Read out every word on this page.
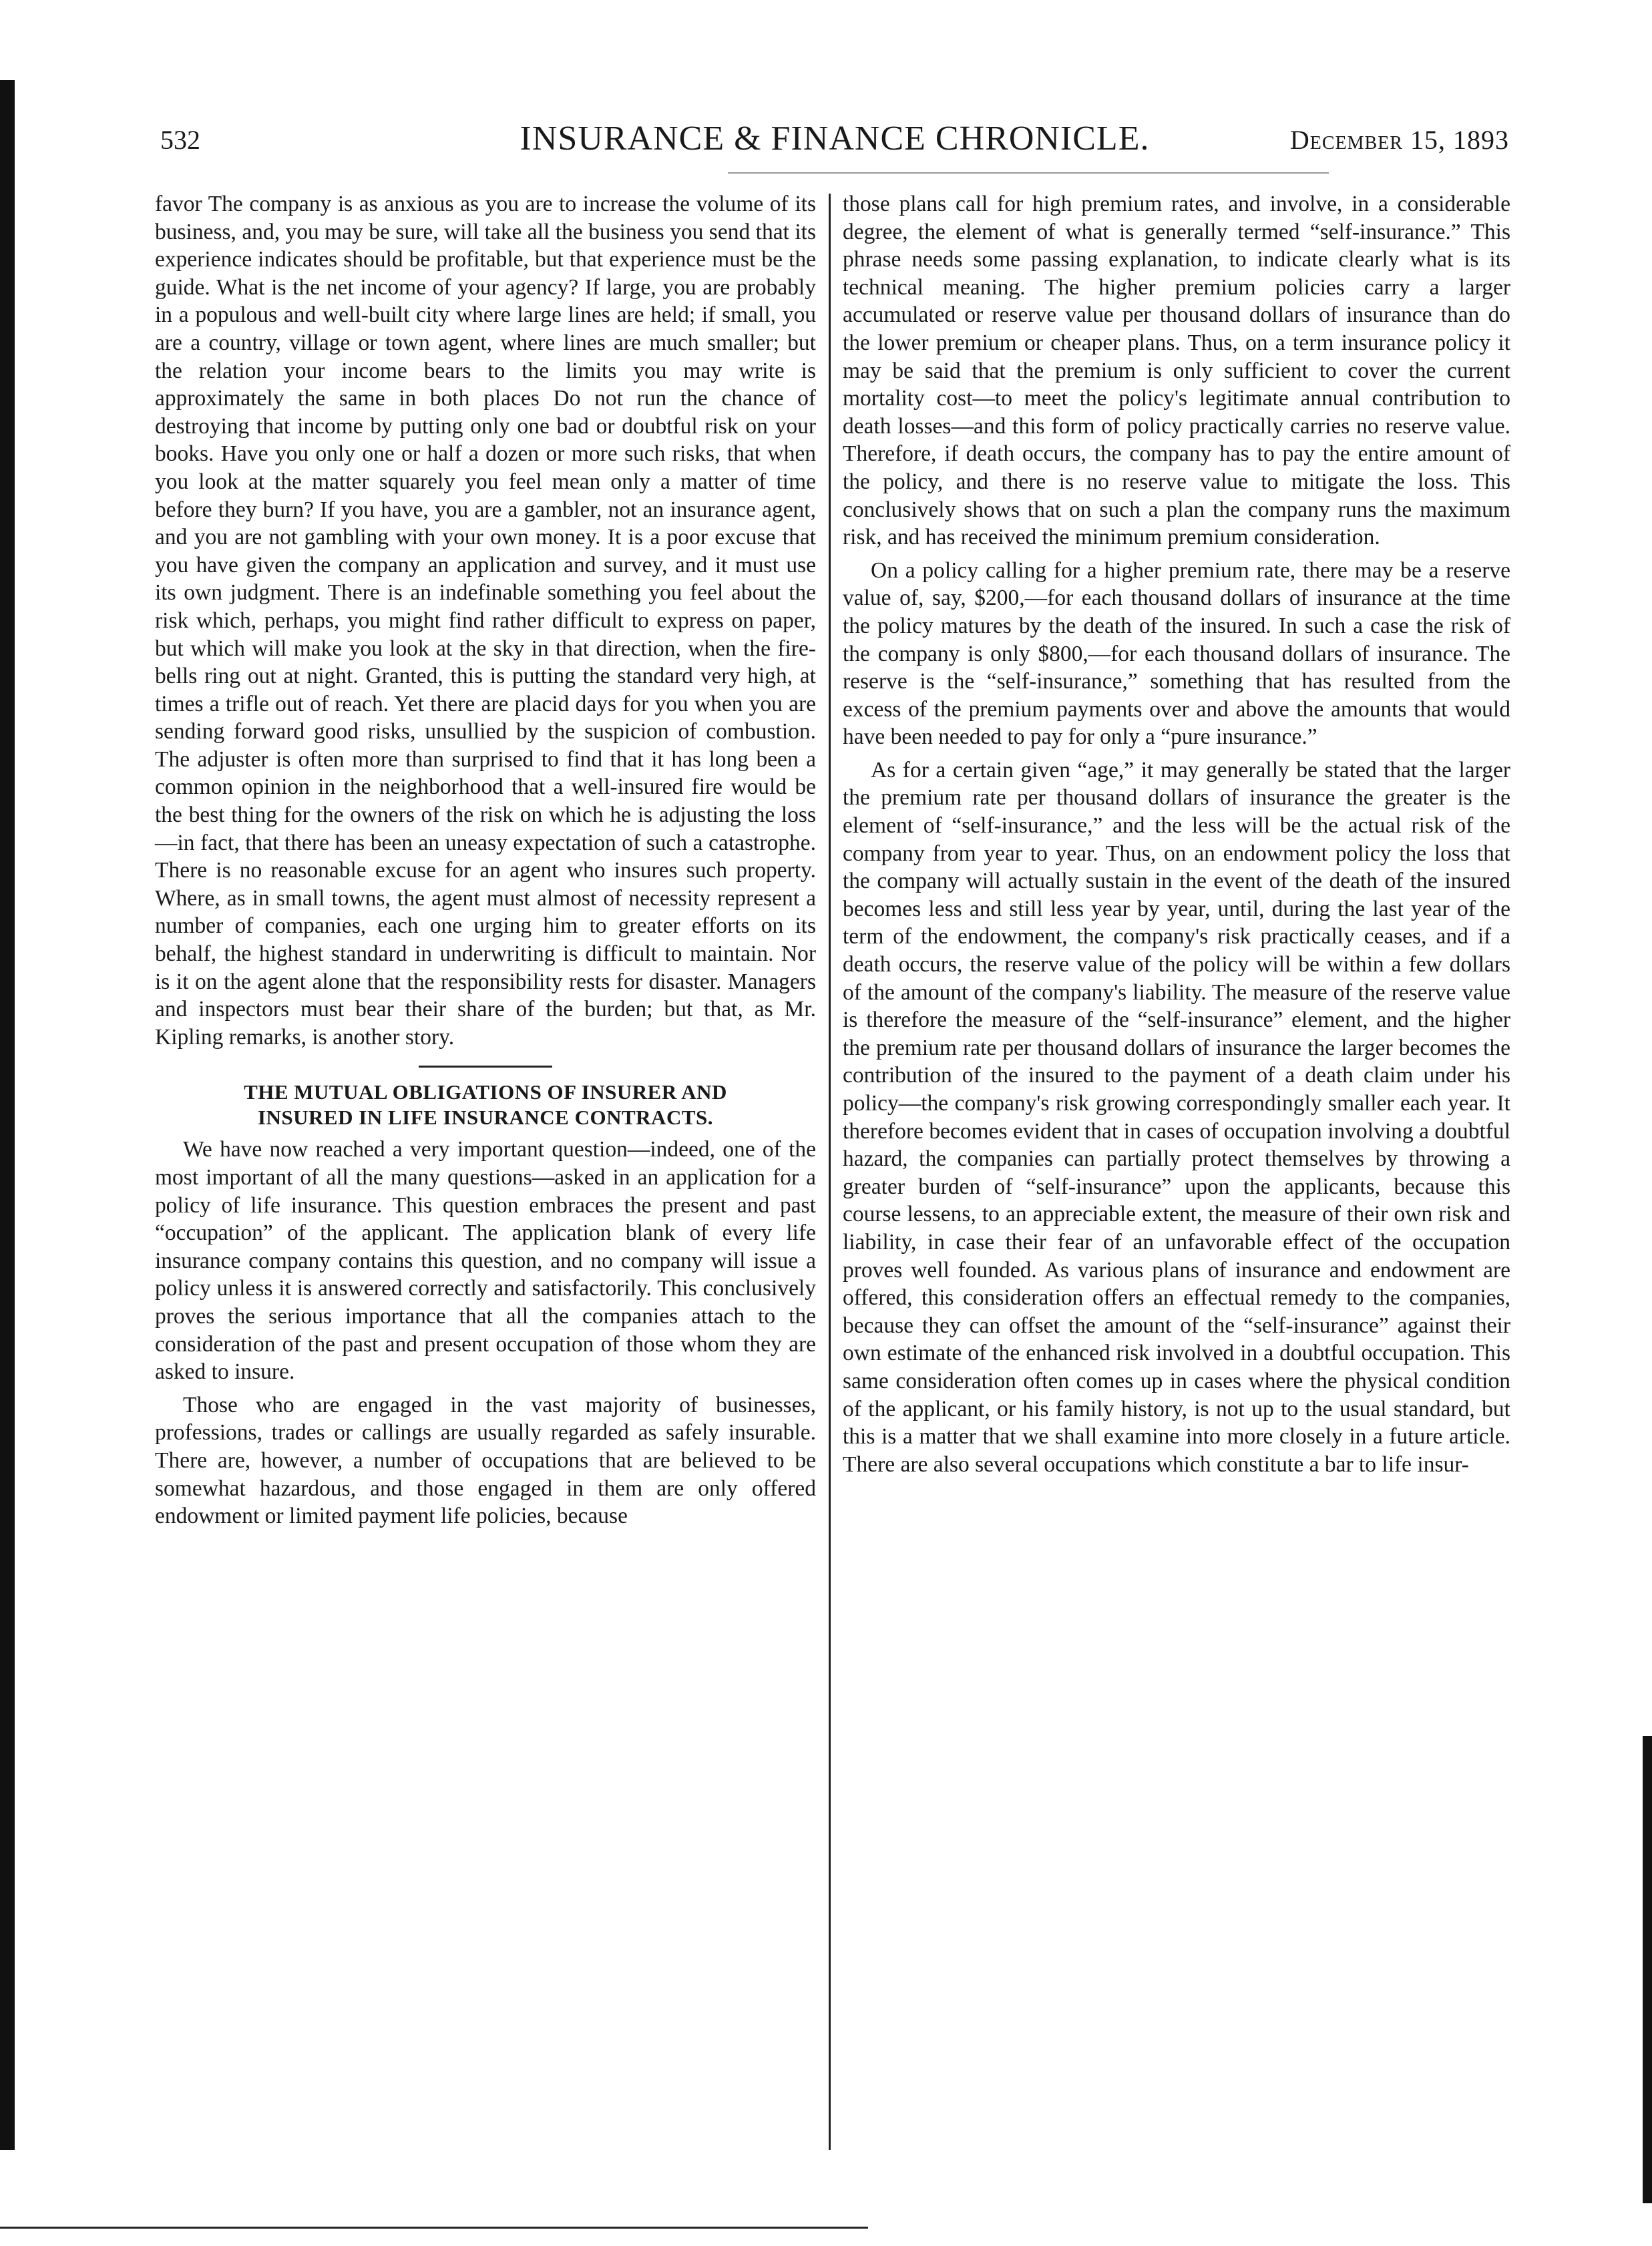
532	INSURANCE & FINANCE CHRONICLE.	December 15, 1893

favor The company is as anxious as you are to increase the volume of its business, and, you may be sure, will take all the business you send that its experience indicates should be profitable, but that experience must be the guide. What is the net income of your agency? If large, you are probably in a populous and well-built city where large lines are held; if small, you are a country, village or town agent, where lines are much smaller; but the relation your income bears to the limits you may write is approximately the same in both places Do not run the chance of destroying that income by putting only one bad or doubtful risk on your books. Have you only one or half a dozen or more such risks, that when you look at the matter squarely you feel mean only a matter of time before they burn? If you have, you are a gambler, not an insurance agent, and you are not gambling with your own money. It is a poor excuse that you have given the company an application and survey, and it must use its own judgment. There is an indefinable something you feel about the risk which, perhaps, you might find rather difficult to express on paper, but which will make you look at the sky in that direction, when the fire-bells ring out at night. Granted, this is putting the standard very high, at times a trifle out of reach. Yet there are placid days for you when you are sending forward good risks, unsullied by the suspicion of combustion. The adjuster is often more than surprised to find that it has long been a common opinion in the neighborhood that a well-insured fire would be the best thing for the owners of the risk on which he is adjusting the loss—in fact, that there has been an uneasy expectation of such a catastrophe. There is no reasonable excuse for an agent who insures such property. Where, as in small towns, the agent must almost of necessity represent a number of companies, each one urging him to greater efforts on its behalf, the highest standard in underwriting is difficult to maintain. Nor is it on the agent alone that the responsibility rests for disaster. Managers and inspectors must bear their share of the burden; but that, as Mr. Kipling remarks, is another story.

THE MUTUAL OBLIGATIONS OF INSURER AND
INSURED IN LIFE INSURANCE CONTRACTS.

We have now reached a very important question—indeed, one of the most important of all the many questions—asked in an application for a policy of life insurance. This question embraces the present and past “occupation” of the applicant. The application blank of every life insurance company contains this question, and no company will issue a policy unless it is answered correctly and satisfactorily. This conclusively proves the serious importance that all the companies attach to the consideration of the past and present occupation of those whom they are asked to insure.

Those who are engaged in the vast majority of businesses, professions, trades or callings are usually regarded as safely insurable. There are, however, a number of occupations that are believed to be somewhat hazardous, and those engaged in them are only offered endowment or limited payment life policies, because

those plans call for high premium rates, and involve, in a considerable degree, the element of what is generally termed “self-insurance.” This phrase needs some passing explanation, to indicate clearly what is its technical meaning. The higher premium policies carry a larger accumulated or reserve value per thousand dollars of insurance than do the lower premium or cheaper plans. Thus, on a term insurance policy it may be said that the premium is only sufficient to cover the current mortality cost—to meet the policy's legitimate annual contribution to death losses—and this form of policy practically carries no reserve value. Therefore, if death occurs, the company has to pay the entire amount of the policy, and there is no reserve value to mitigate the loss. This conclusively shows that on such a plan the company runs the maximum risk, and has received the minimum premium consideration.

On a policy calling for a higher premium rate, there may be a reserve value of, say, $200,—for each thousand dollars of insurance at the time the policy matures by the death of the insured. In such a case the risk of the company is only $800,—for each thousand dollars of insurance. The reserve is the “self-insurance,” something that has resulted from the excess of the premium payments over and above the amounts that would have been needed to pay for only a “pure insurance.”

As for a certain given “age,” it may generally be stated that the larger the premium rate per thousand dollars of insurance the greater is the element of “self-insurance,” and the less will be the actual risk of the company from year to year. Thus, on an endowment policy the loss that the company will actually sustain in the event of the death of the insured becomes less and still less year by year, until, during the last year of the term of the endowment, the company's risk practically ceases, and if a death occurs, the reserve value of the policy will be within a few dollars of the amount of the company's liability. The measure of the reserve value is therefore the measure of the “self-insurance” element, and the higher the premium rate per thousand dollars of insurance the larger becomes the contribution of the insured to the payment of a death claim under his policy—the company's risk growing correspondingly smaller each year. It therefore becomes evident that in cases of occupation involving a doubtful hazard, the companies can partially protect themselves by throwing a greater burden of “self-insurance” upon the applicants, because this course lessens, to an appreciable extent, the measure of their own risk and liability, in case their fear of an unfavorable effect of the occupation proves well founded. As various plans of insurance and endowment are offered, this consideration offers an effectual remedy to the companies, because they can offset the amount of the “self-insurance” against their own estimate of the enhanced risk involved in a doubtful occupation. This same consideration often comes up in cases where the physical condition of the applicant, or his family history, is not up to the usual standard, but this is a matter that we shall examine into more closely in a future article. There are also several occupations which constitute a bar to life insur-
